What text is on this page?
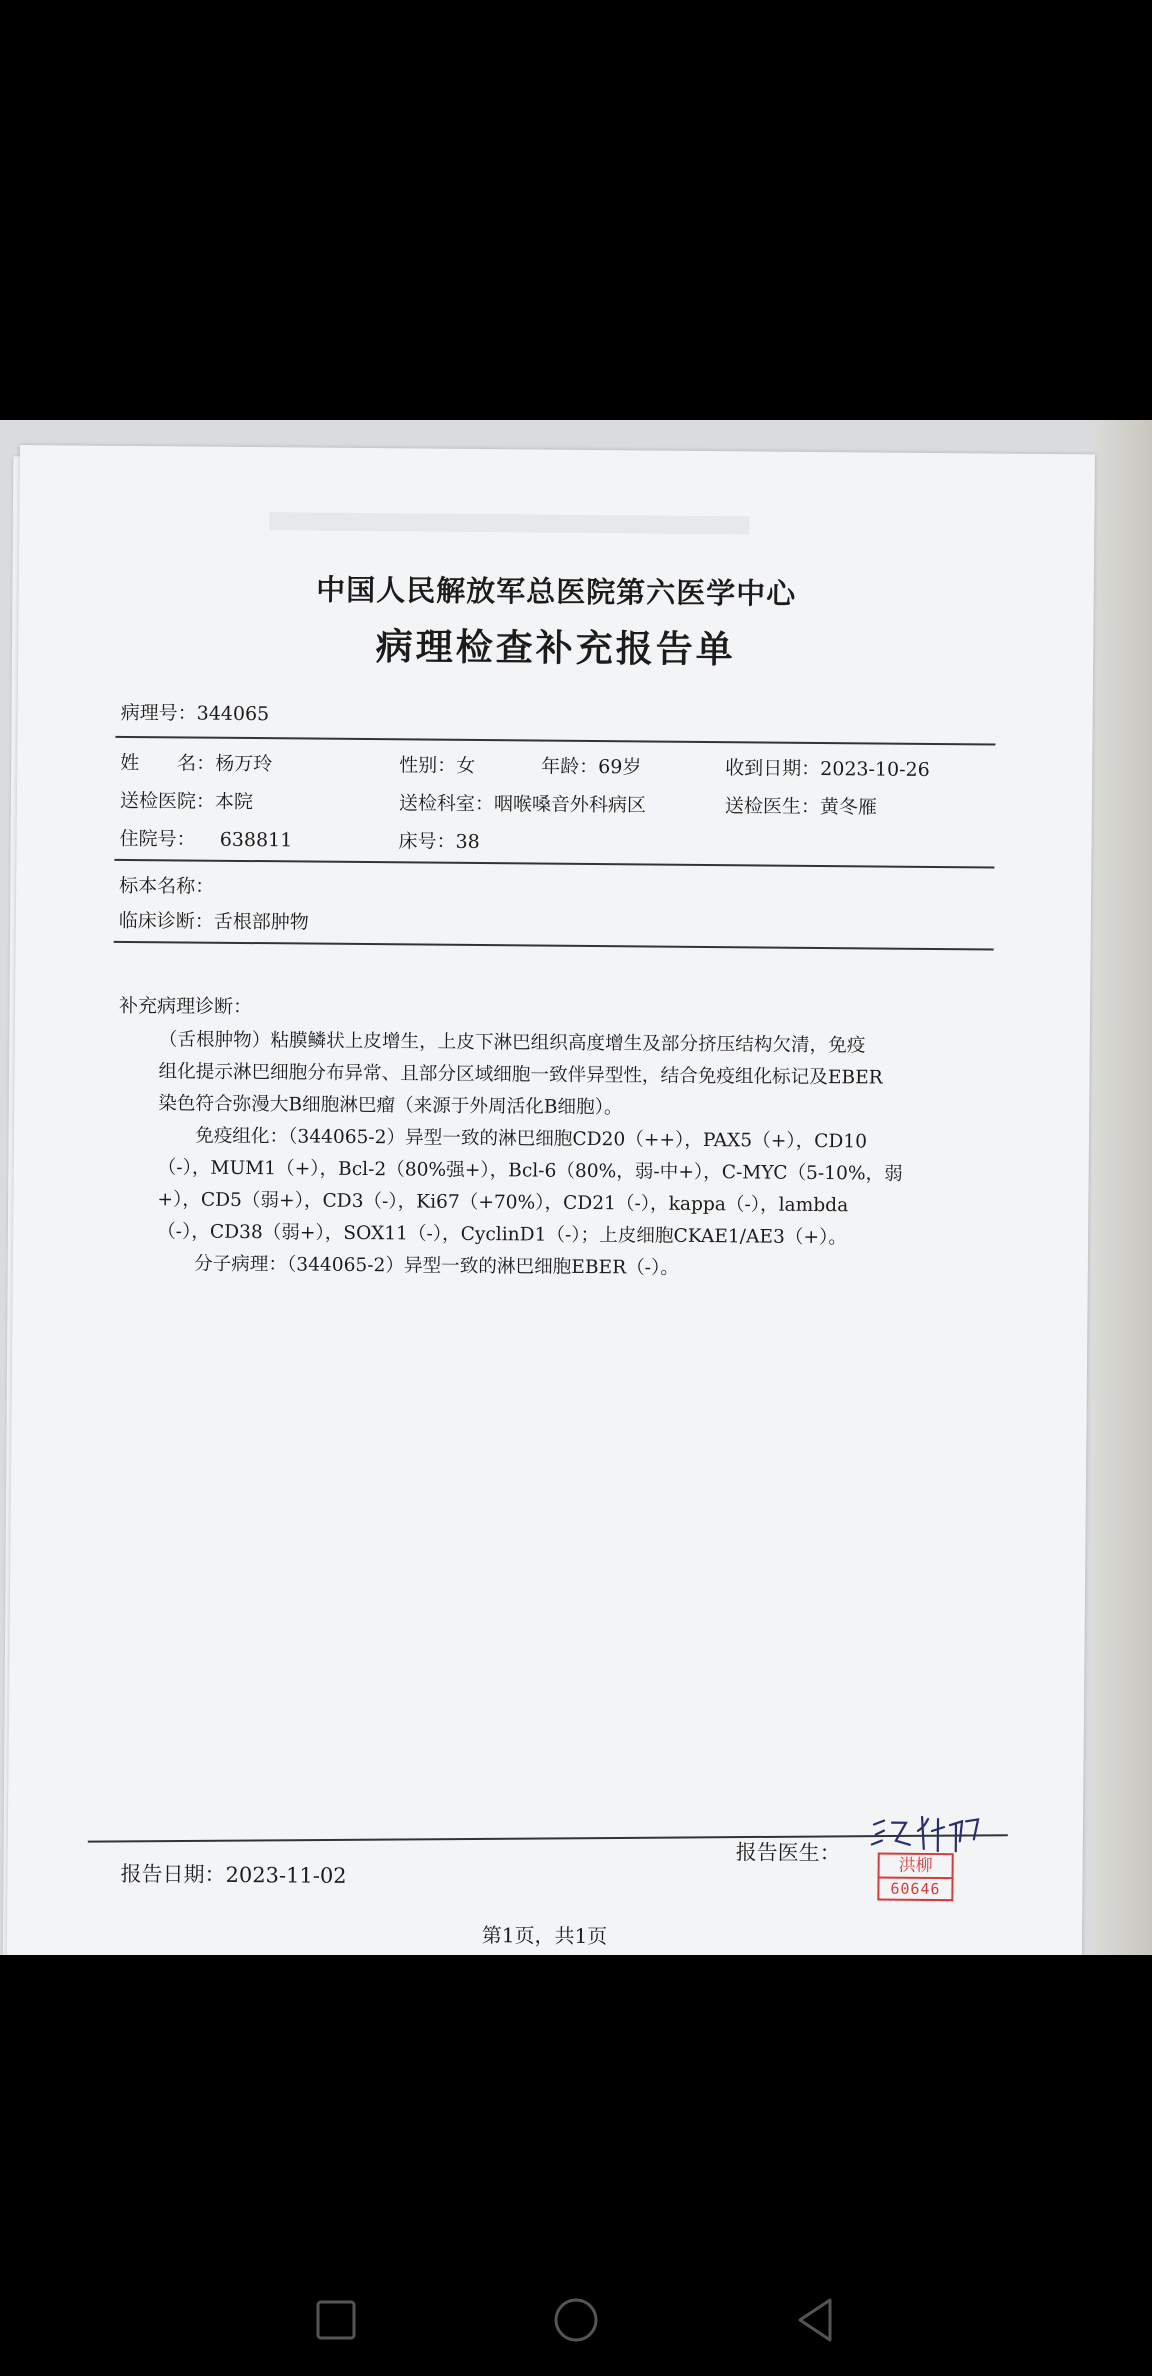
中国人民解放军总医院第六医学中心
病理检查补充报告单
病理号：344065
姓　　名：杨万玲	性别：女	年龄：69岁	收到日期：2023-10-26
送检医院：本院	送检科室：咽喉嗓音外科病区	送检医生：黄冬雁
住院号： 638811	床号：38
标本名称：
临床诊断：舌根部肿物
补充病理诊断：
（舌根肿物）粘膜鳞状上皮增生，上皮下淋巴组织高度增生及部分挤压结构欠清，免疫
组化提示淋巴细胞分布异常、且部分区域细胞一致伴异型性，结合免疫组化标记及EBER
染色符合弥漫大B细胞淋巴瘤（来源于外周活化B细胞）。
　　免疫组化：（344065-2）异型一致的淋巴细胞CD20（++），PAX5（+），CD10
（-），MUM1（+），Bcl-2（80%强+），Bcl-6（80%，弱-中+），C-MYC（5-10%，弱
+），CD5（弱+），CD3（-），Ki67（+70%），CD21（-），kappa（-），lambda
（-），CD38（弱+），SOX11（-），CyclinD1（-）；上皮细胞CKAE1/AE3（+）。
　　分子病理：（344065-2）异型一致的淋巴细胞EBER（-）。
报告日期：2023-11-02
报告医生：
洪柳
60646
第1页，共1页
